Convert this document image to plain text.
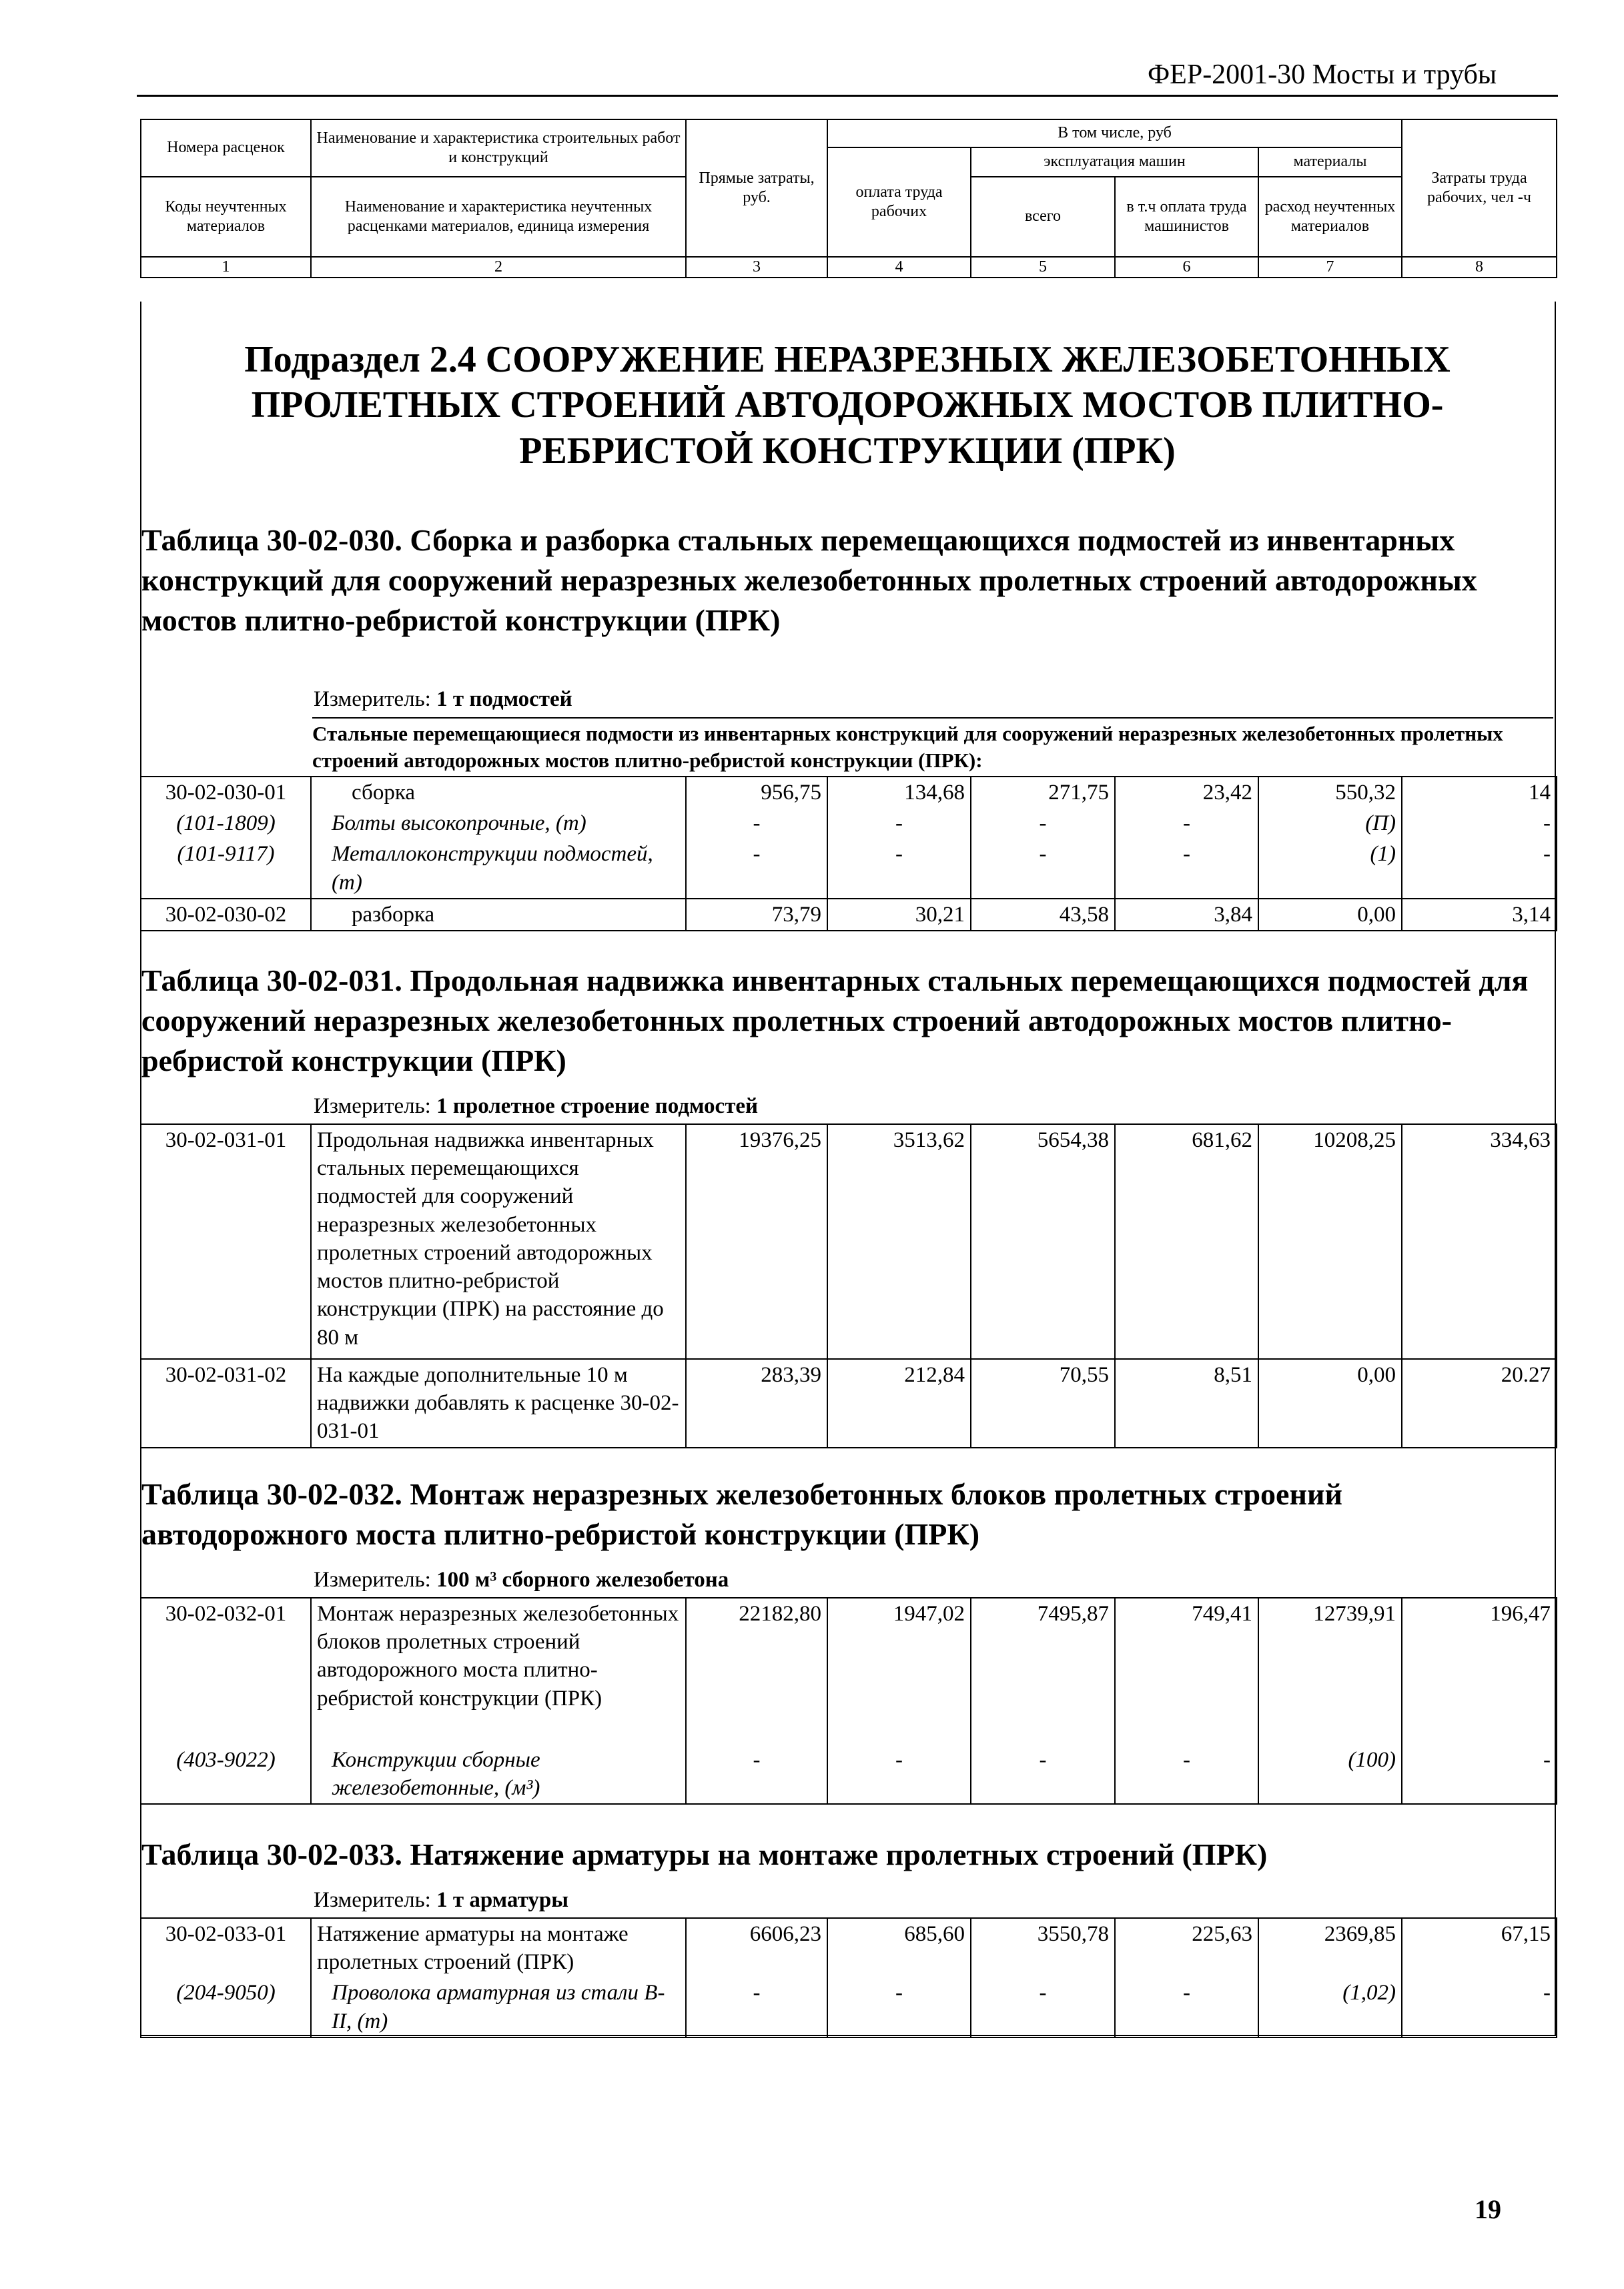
ФЕР-2001-30 Мосты и трубы
Номера расценок	Наименование и характеристика строительных работ и конструкций	Прямые затраты, руб.	В том числе, руб				Затраты труда рабочих, чел -ч
			оплата труда рабочих	эксплуатация машин		материалы	
Коды неучтенных материалов	Наименование и характеристика неучтенных расценками материалов, единица измерения			всего	в т.ч оплата труда машинистов	расход неучтенных материалов	

1	2	3	4	5	6	7	8
Подраздел 2.4 СООРУЖЕНИЕ НЕРАЗРЕЗНЫХ ЖЕЛЕЗОБЕТОННЫХ ПРОЛЕТНЫХ СТРОЕНИЙ АВТОДОРОЖНЫХ МОСТОВ ПЛИТНО-РЕБРИСТОЙ КОНСТРУКЦИИ (ПРК)
Таблица 30-02-030. Сборка и разборка стальных перемещающихся подмостей из инвентарных конструкций для сооружений неразрезных железобетонных пролетных строений автодорожных мостов плитно-ребристой конструкции (ПРК)
Измеритель: 1 т подмостей
Стальные перемещающиеся подмости из инвентарных конструкций для сооружений неразрезных железобетонных пролетных строений автодорожных мостов плитно-ребристой конструкции (ПРК):
30-02-030-01	сборка	956,75	134,68	271,75	23,42	550,32	14
(101-1809)	Болты высокопрочные, (т)	-	-	-	-	(П)	-
(101-9117)	Металлоконструкции подмостей, (т)	-	-	-	-	(1)	-
30-02-030-02	разборка	73,79	30,21	43,58	3,84	0,00	3,14
Таблица 30-02-031. Продольная надвижка инвентарных стальных перемещающихся подмостей для сооружений неразрезных железобетонных пролетных строений автодорожных мостов плитно-ребристой конструкции (ПРК)
Измеритель: 1 пролетное строение подмостей
30-02-031-01	Продольная надвижка инвентарных стальных перемещающихся подмостей для сооружений неразрезных железобетонных пролетных строений автодорожных мостов плитно-ребристой конструкции (ПРК) на расстояние до 80 м	19376,25	3513,62	5654,38	681,62	10208,25	334,63
30-02-031-02	На каждые дополнительные 10 м надвижки добавлять к расценке 30-02-031-01	283,39	212,84	70,55	8,51	0,00	20.27
Таблица 30-02-032. Монтаж неразрезных железобетонных блоков пролетных строений автодорожного моста плитно-ребристой конструкции (ПРК)
Измеритель: 100 м³ сборного железобетона
30-02-032-01	Монтаж неразрезных железобетонных блоков пролетных строений автодорожного моста плитно-ребристой конструкции (ПРК)	22182,80	1947,02	7495,87	749,41	12739,91	196,47
(403-9022)	Конструкции сборные железобетонные, (м³)	-	-	-	-	(100)	-
Таблица 30-02-033. Натяжение арматуры на монтаже пролетных строений (ПРК)
Измеритель: 1 т арматуры
30-02-033-01	Натяжение арматуры на монтаже пролетных строений (ПРК)	6606,23	685,60	3550,78	225,63	2369,85	67,15
(204-9050)	Проволока арматурная из стали В-II, (т)	-	-	-	-	(1,02)	-
19
